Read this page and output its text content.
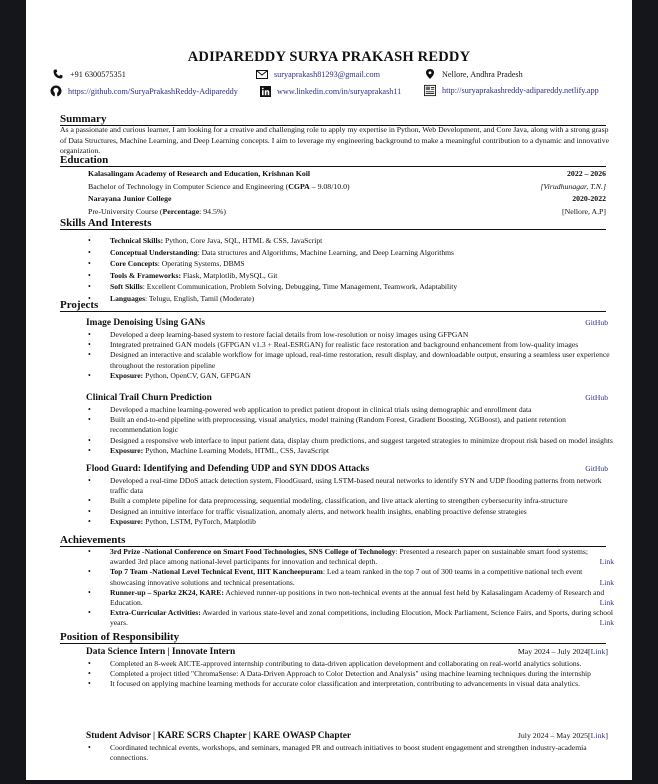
ADIPAREDDY SURYA PRAKASH REDDY
+91 6300575351	suryaprakash81293@gmail.com	Nellore, Andhra Pradesh
https://github.com/SuryaPrakashReddy-Adipareddy	www.linkedin.com/in/suryaprakash11	http://suryaprakashreddy-adipareddy.netlify.app
Summary
As a passionate and curious learner, I am looking for a creative and challenging role to apply my expertise in Python, Web Development, and Core Java, along with a strong grasp of Data Structures, Machine Learning, and Deep Learning concepts. I aim to leverage my engineering background to make a meaningful contribution to a dynamic and innovative organization.
Education
Kalasalingam Academy of Research and Education, Krishnan Koil	2022 – 2026
Bachelor of Technology in Computer Science and Engineering (CGPA – 9.08/10.0)	[Virudhunagar, T.N.]
Narayana Junior College	2020-2022
Pre-University Course (Percentage: 94.5%)	[Nellore, A.P]
Skills And Interests
• Technical Skills: Python, Core Java, SQL, HTML & CSS, JavaScript
• Conceptual Understanding: Data structures and Algorithms, Machine Learning, and Deep Learning Algorithms
• Core Concepts: Operating Systems, DBMS
• Tools & Frameworks: Flask, Matplotlib, MySQL, Git
• Soft Skills: Excellent Communication, Problem Solving, Debugging, Time Management, Teamwork, Adaptability
• Languages: Telugu, English, Tamil (Moderate)
Projects
Image Denoising Using GANs	GitHub
• Developed a deep learning-based system to restore facial details from low-resolution or noisy images using GFPGAN
• Integrated pretrained GAN models (GFPGAN v1.3 + Real-ESRGAN) for realistic face restoration and background enhancement from low-quality images
• Designed an interactive and scalable workflow for image upload, real-time restoration, result display, and downloadable output, ensuring a seamless user experience throughout the restoration pipeline
• Exposure: Python, OpenCV, GAN, GFPGAN
Clinical Trail Churn Prediction	GitHub
• Developed a machine learning-powered web application to predict patient dropout in clinical trials using demographic and enrollment data
• Built an end-to-end pipeline with preprocessing, visual analytics, model training (Random Forest, Gradient Boosting, XGBoost), and patient retention recommendation logic
• Designed a responsive web interface to input patient data, display churn predictions, and suggest targeted strategies to minimize dropout risk based on model insights
• Exposure: Python, Machine Learning Models, HTML, CSS, JavaScript
Flood Guard: Identifying and Defending UDP and SYN DDOS Attacks	GitHub
• Developed a real-time DDoS attack detection system, FloodGuard, using LSTM-based neural networks to identify SYN and UDP flooding patterns from network traffic data
• Built a complete pipeline for data preprocessing, sequential modeling, classification, and live attack alerting to strengthen cybersecurity infra-structure
• Designed an intuitive interface for traffic visualization, anomaly alerts, and network health insights, enabling proactive defense strategies
• Exposure: Python, LSTM, PyTorch, Matplotlib
Achievements
• 3rd Prize -National Conference on Smart Food Technologies, SNS College of Technology: Presented a research paper on sustainable smart food systems; awarded 3rd place among national-level participants for innovation and technical depth.	Link
• Top 7 Team -National Level Technical Event, IIIT Kancheepuram: Led a team ranked in the top 7 out of 300 teams in a competitive national tech event showcasing innovative solutions and technical presentations.	Link
• Runner-up – Sparkz 2K24, KARE: Achieved runner-up positions in two non-technical events at the annual fest held by Kalasalingam Academy of Research and Education.	Link
• Extra-Curricular Activities: Awarded in various state-level and zonal competitions, including Elocution, Mock Parliament, Science Fairs, and Sports, during school years.	Link
Position of Responsibility
Data Science Intern | Innovate Intern	May 2024 – July 2024[Link]
• Completed an 8-week AICTE-approved internship contributing to data-driven application development and collaborating on real-world analytics solutions.
• Completed a project titled "ChromaSense: A Data-Driven Approach to Color Detection and Analysis" using machine learning techniques during the internship
• It focused on applying machine learning methods for accurate color classification and interpretation, contributing to advancements in visual data analytics.
Student Advisor | KARE SCRS Chapter | KARE OWASP Chapter	July 2024 – May 2025[Link]
• Coordinated technical events, workshops, and seminars, managed PR and outreach initiatives to boost student engagement and strengthen industry-academia connections.
